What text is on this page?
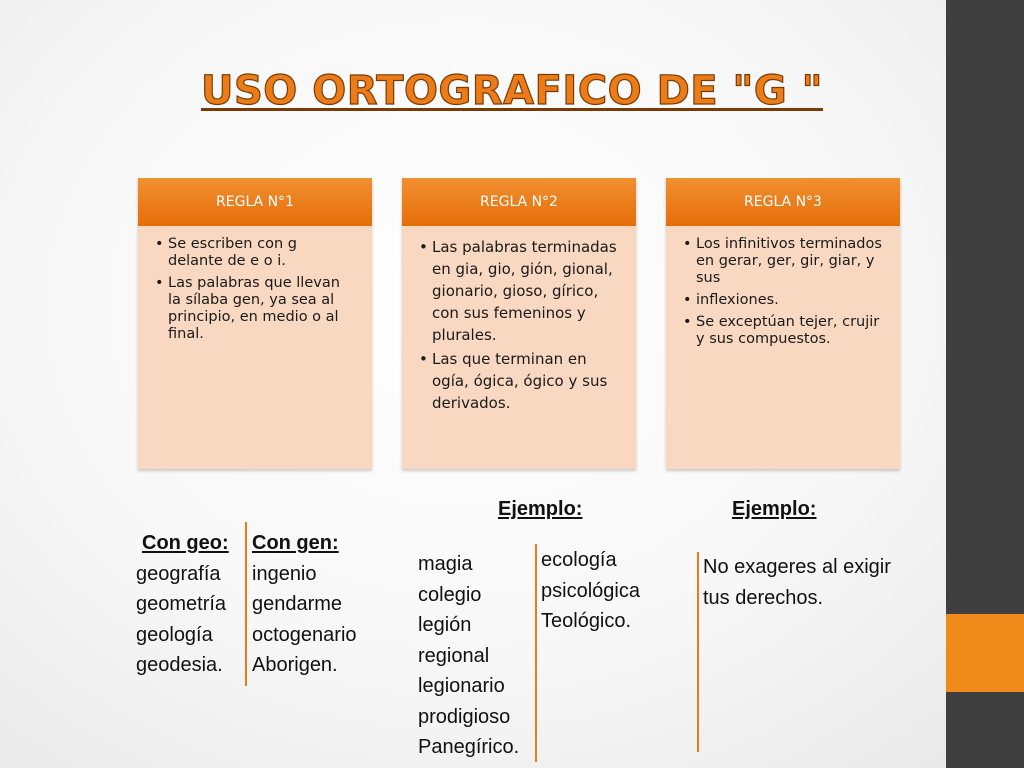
USO ORTOGRAFICO DE "G "
REGLA N°1
• Se escriben con g delante de e o i.
• Las palabras que llevan la sílaba gen, ya sea al principio, en medio o al final.
REGLA N°2
• Las palabras terminadas en gia, gio, gión, gional, gionario, gioso, gírico, con sus femeninos y plurales.
• Las que terminan en ogía, ógica, ógico y sus derivados.
REGLA N°3
• Los infinitivos terminados en gerar, ger, gir, giar, y sus
• inflexiones.
• Se exceptúan tejer, crujir y sus compuestos.
Ejemplo:	Ejemplo:
Con geo:
geografía
geometría
geología
geodesia.
Con gen:
ingenio
gendarme
octogenario
Aborigen.
magia
colegio
legión
regional
legionario
prodigioso
Panegírico.
ecología
psicológica
Teológico.
No exageres al exigir
tus derechos.
